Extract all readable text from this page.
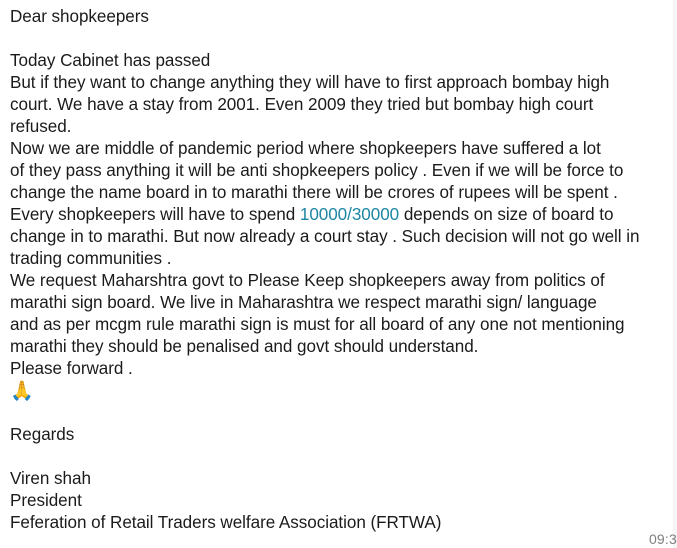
Dear shopkeepers
Today Cabinet has passed
But if they want to change anything they will have to first approach bombay high
court. We have a stay from 2001. Even 2009 they tried but bombay high court
refused.
Now we are middle of pandemic period where shopkeepers have suffered a lot
of they pass anything it will be anti shopkeepers policy . Even if we will be force to
change the name board in to marathi there will be crores of rupees will be spent .
Every shopkeepers will have to spend 10000/30000 depends on size of board to
change in to marathi. But now already a court stay . Such decision will not go well in
trading communities .
We request Maharshtra govt to Please Keep shopkeepers away from politics of
marathi sign board. We live in Maharashtra we respect marathi sign/ language
and as per mcgm rule marathi sign is must for all board of any one not mentioning
marathi they should be penalised and govt should understand.
Please forward .
🙏
Regards
Viren shah
President
Feferation of Retail Traders welfare Association (FRTWA)
09:3
